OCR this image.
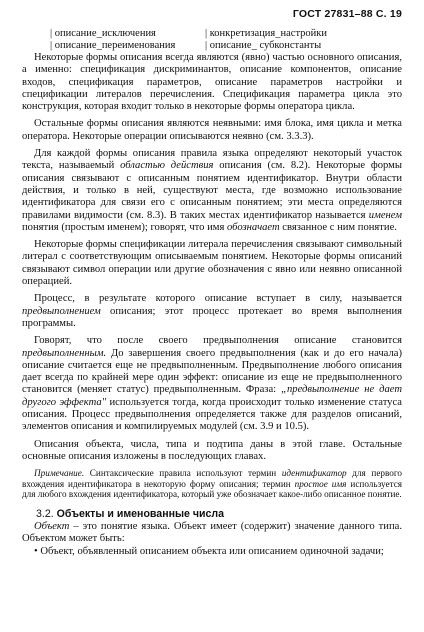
ГОСТ 27831–88 С. 19
| описание_исключения	| конкретизация_настройки
| описание_переименования	| описание_ субконстанты

Некоторые формы описания всегда являются (явно) частью основного описания, а именно: спецификация дискриминантов, описание компонентов, описание входов, спецификация параметров, описание параметров настройки и спецификации литералов перечисления. Спецификация параметра цикла это конструкция, которая входит только в некоторые формы оператора цикла.

Остальные формы описания являются неявными: имя блока, имя цикла и метка оператора. Некоторые операции описываются неявно (см. 3.3.3).

Для каждой формы описания правила языка определяют некоторый участок текста, называемый областью действия описания (см. 8.2). Некоторые формы описания связывают с описанным понятием идентификатор. Внутри области действия, и только в ней, существуют места, где возможно использование идентификатора для связи его с описанным понятием; эти места определяются правилами видимости (см. 8.3). В таких местах идентификатор называется именем понятия (простым именем); говорят, что имя обозначает связанное с ним понятие.

Некоторые формы спецификации литерала перечисления связывают символьный литерал с соответствующим описываемым понятием. Некоторые формы описаний связывают символ операции или другие обозначения с явно или неявно описанной операцией.

Процесс, в результате которого описание вступает в силу, называется предвыполнением описания; этот процесс протекает во время выполнения программы.

Говорят, что после своего предвыполнения описание становится предвыполненным. До завершения своего предвыполнения (как и до его начала) описание считается еще не предвыполненным. Предвыполнение любого описания дает всегда по крайней мере один эффект: описание из еще не предвыполненного становится (меняет статус) предвыполненным. Фраза: „предвыполнение не дает другого эффекта" используется тогда, когда происходит только изменение статуса описания. Процесс предвыполнения определяется также для разделов описаний, элементов описания и компилируемых модулей (см. 3.9 и 10.5).

Описания объекта, числа, типа и подтипа даны в этой главе. Остальные основные описания изложены в последующих главах.

Примечание. Синтаксические правила используют термин идентификатор для первого вхождения идентификатора в некоторую форму описания; термин простое имя используется для любого вхождения идентификатора, который уже обозначает какое-либо описанное понятие.

3.2. Объекты и именованные числа

Объект – это понятие языка. Объект имеет (содержит) значение данного типа. Объектом может быть:

• Объект, объявленный описанием объекта или описанием одиночной задачи;
